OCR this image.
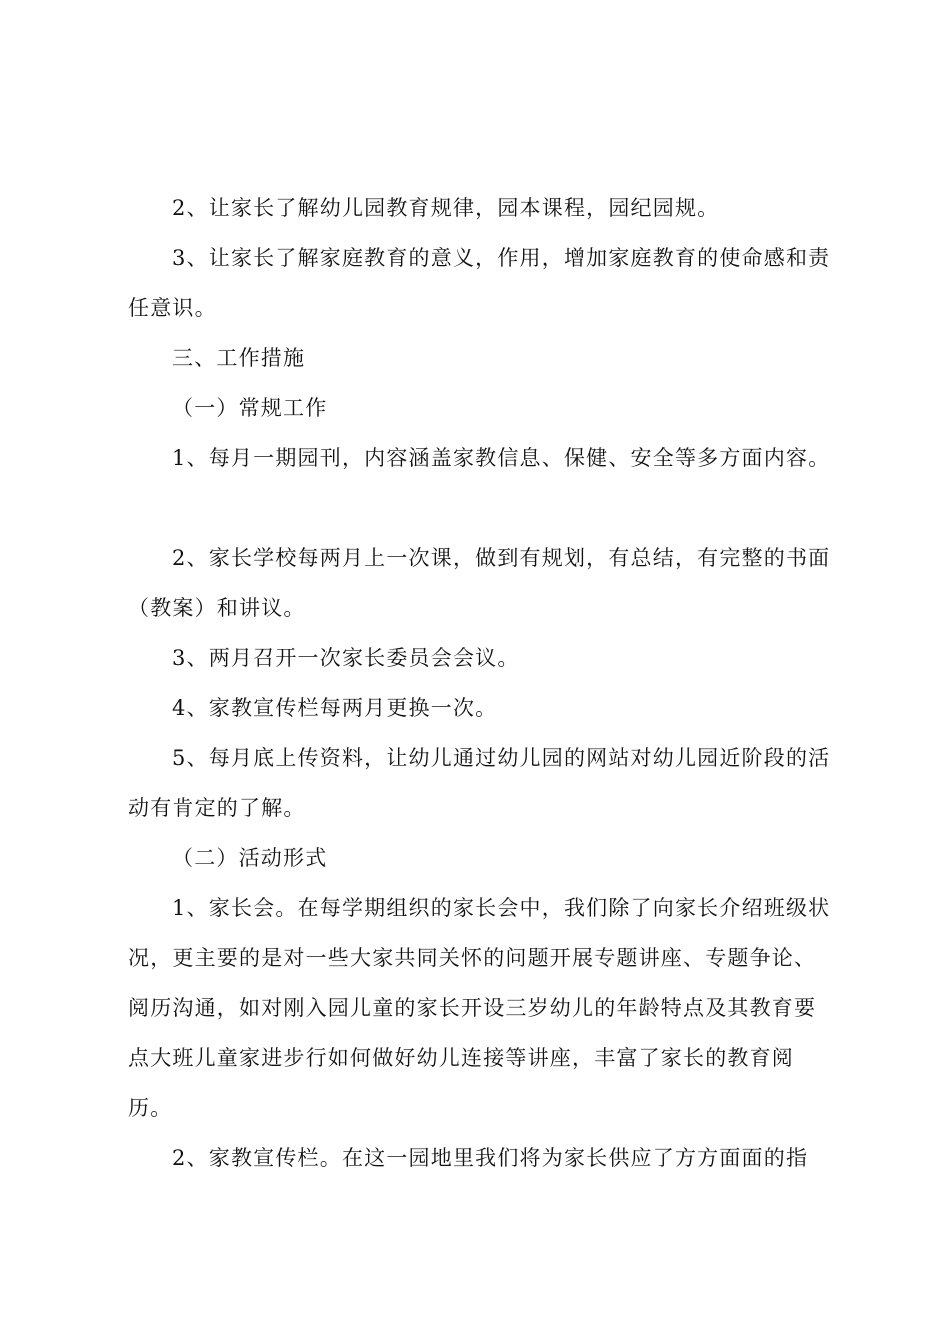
2、让家长了解幼儿园教育规律，园本课程，园纪园规。
3、让家长了解家庭教育的意义，作用，增加家庭教育的使命感和责
任意识。
三、工作措施
（一）常规工作
1、每月一期园刊，内容涵盖家教信息、保健、安全等多方面内容。
2、家长学校每两月上一次课，做到有规划，有总结，有完整的书面
（教案）和讲议。
3、两月召开一次家长委员会会议。
4、家教宣传栏每两月更换一次。
5、每月底上传资料，让幼儿通过幼儿园的网站对幼儿园近阶段的活
动有肯定的了解。
（二）活动形式
1、家长会。在每学期组织的家长会中，我们除了向家长介绍班级状
况，更主要的是对一些大家共同关怀的问题开展专题讲座、专题争论、
阅历沟通，如对刚入园儿童的家长开设三岁幼儿的年龄特点及其教育要
点大班儿童家进步行如何做好幼儿连接等讲座，丰富了家长的教育阅
历。
2、家教宣传栏。在这一园地里我们将为家长供应了方方面面的指
